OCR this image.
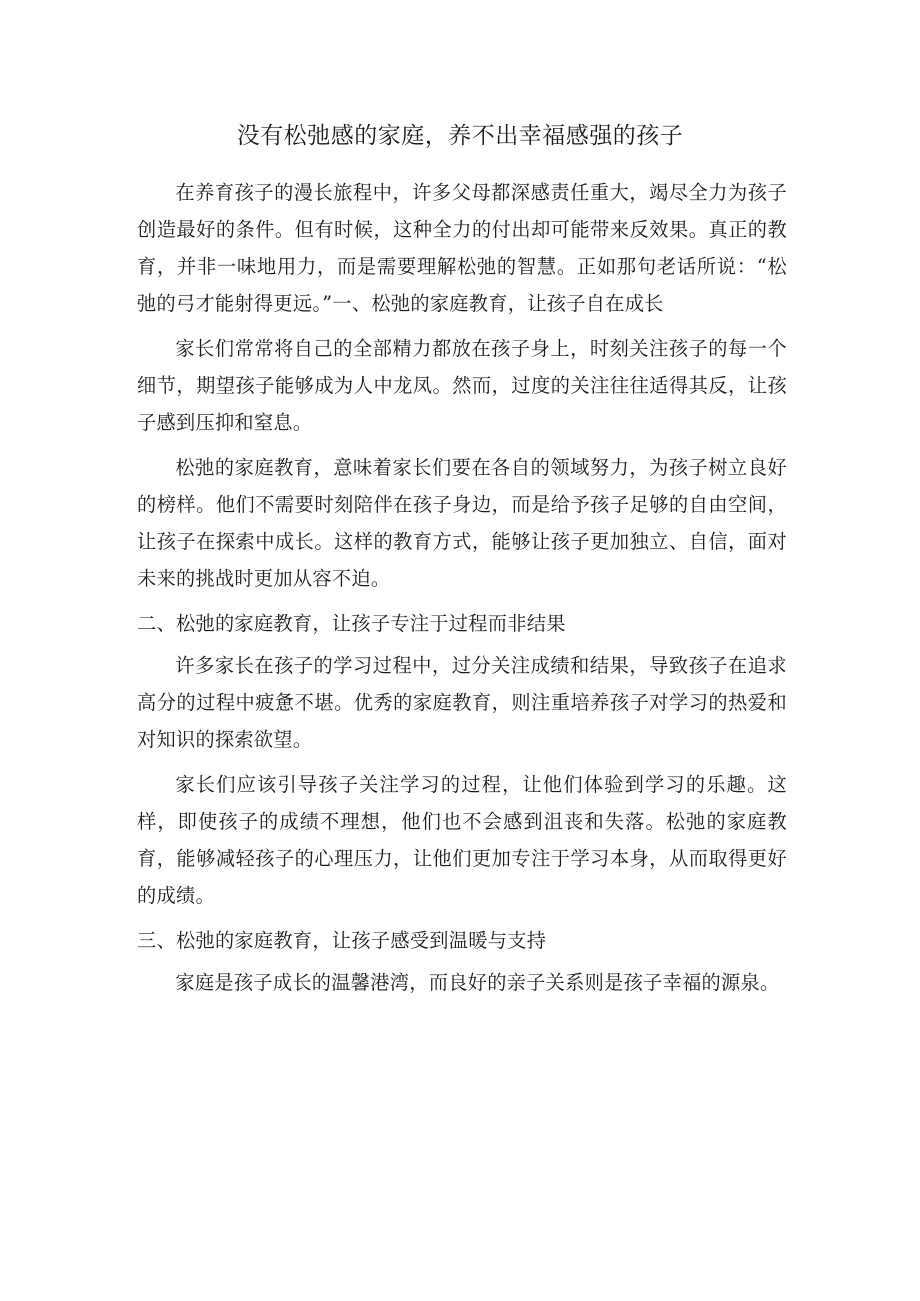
没有松弛感的家庭，养不出幸福感强的孩子

在养育孩子的漫长旅程中，许多父母都深感责任重大，竭尽全力为孩子创造最好的条件。但有时候，这种全力的付出却可能带来反效果。真正的教育，并非一味地用力，而是需要理解松弛的智慧。正如那句老话所说：“松弛的弓才能射得更远。”一、松弛的家庭教育，让孩子自在成长

家长们常常将自己的全部精力都放在孩子身上，时刻关注孩子的每一个细节，期望孩子能够成为人中龙凤。然而，过度的关注往往适得其反，让孩子感到压抑和窒息。

松弛的家庭教育，意味着家长们要在各自的领域努力，为孩子树立良好的榜样。他们不需要时刻陪伴在孩子身边，而是给予孩子足够的自由空间，让孩子在探索中成长。这样的教育方式，能够让孩子更加独立、自信，面对未来的挑战时更加从容不迫。

二、松弛的家庭教育，让孩子专注于过程而非结果

许多家长在孩子的学习过程中，过分关注成绩和结果，导致孩子在追求高分的过程中疲惫不堪。优秀的家庭教育，则注重培养孩子对学习的热爱和对知识的探索欲望。

家长们应该引导孩子关注学习的过程，让他们体验到学习的乐趣。这样，即使孩子的成绩不理想，他们也不会感到沮丧和失落。松弛的家庭教育，能够减轻孩子的心理压力，让他们更加专注于学习本身，从而取得更好的成绩。

三、松弛的家庭教育，让孩子感受到温暖与支持

家庭是孩子成长的温馨港湾，而良好的亲子关系则是孩子幸福的源泉。
